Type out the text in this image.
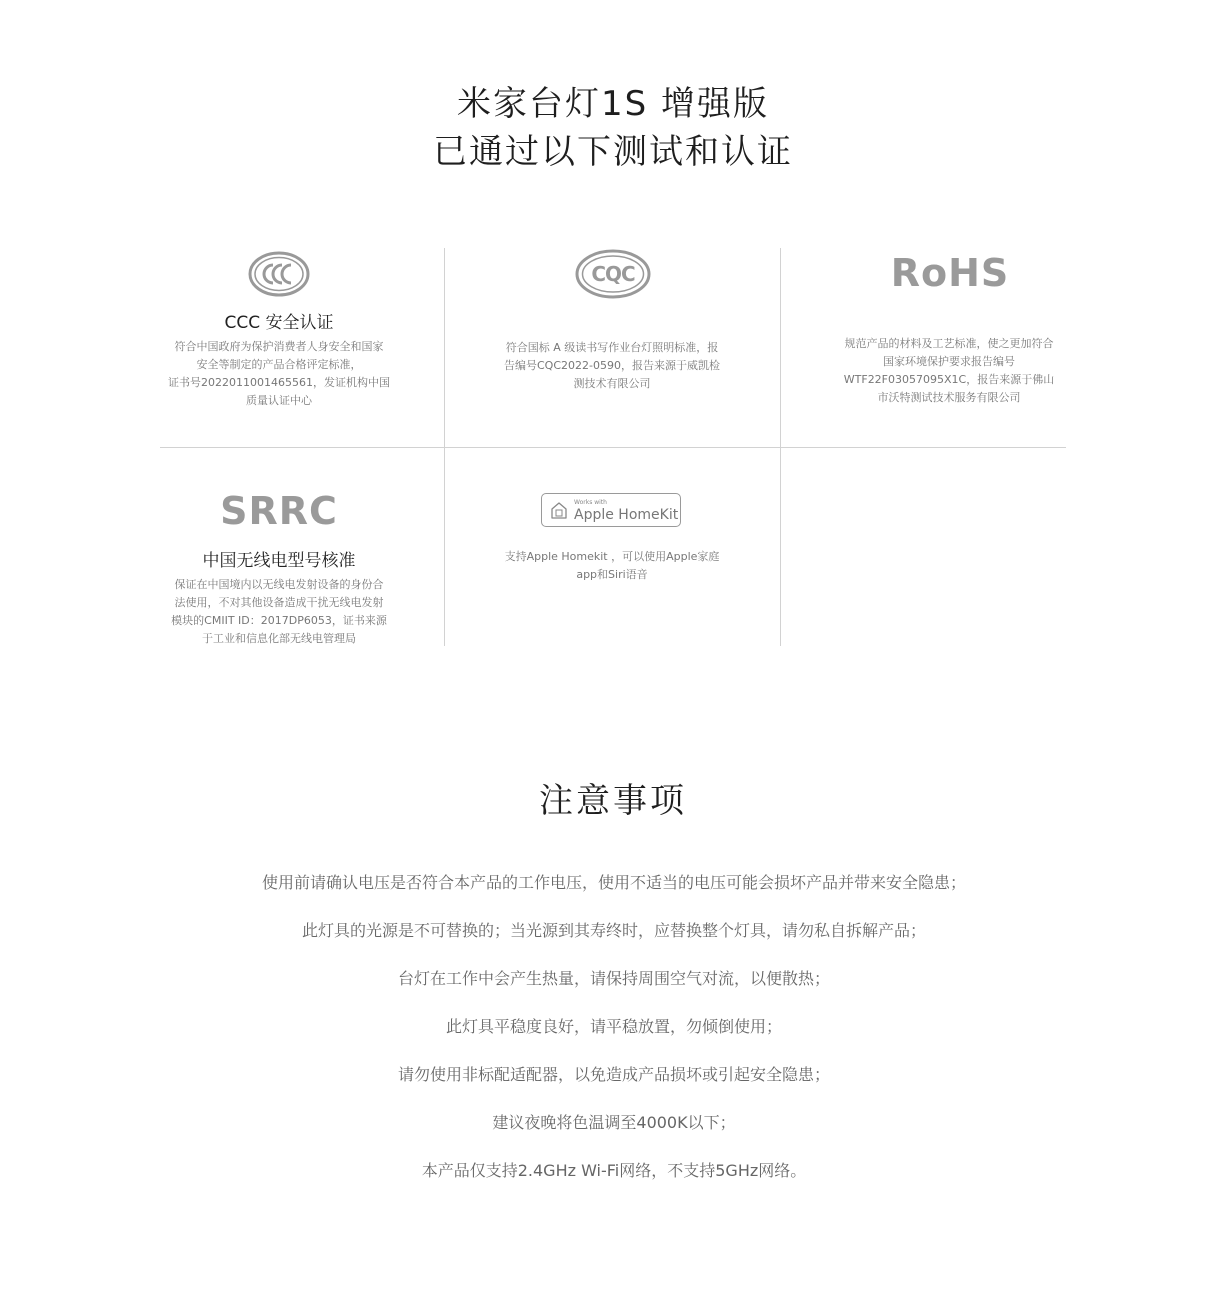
米家台灯1S 增强版
已通过以下测试和认证

CCC 安全认证

符合中国政府为保护消费者人身安全和国家
安全等制定的产品合格评定标准，
证书号2022011001465561，发证机构中国
质量认证中心

CQC

符合国标 A 级读书写作业台灯照明标准，报
告编号CQC2022-0590，报告来源于威凯检
测技术有限公司

RoHS

规范产品的材料及工艺标准，使之更加符合
国家环境保护要求报告编号
WTF22F03057095X1C，报告来源于佛山
市沃特测试技术服务有限公司

SRRC

中国无线电型号核准

保证在中国境内以无线电发射设备的身份合
法使用，不对其他设备造成干扰无线电发射
模块的CMIIT ID：2017DP6053，证书来源
于工业和信息化部无线电管理局

Works with
Apple HomeKit

支持Apple Homekit ，可以使用Apple家庭
app和Siri语音

注意事项

使用前请确认电压是否符合本产品的工作电压，使用不适当的电压可能会损坏产品并带来安全隐患；

此灯具的光源是不可替换的；当光源到其寿终时，应替换整个灯具，请勿私自拆解产品；

台灯在工作中会产生热量，请保持周围空气对流，以便散热；

此灯具平稳度良好，请平稳放置，勿倾倒使用；

请勿使用非标配适配器，以免造成产品损坏或引起安全隐患；

建议夜晚将色温调至4000K以下；

本产品仅支持2.4GHz Wi-Fi网络，不支持5GHz网络。
